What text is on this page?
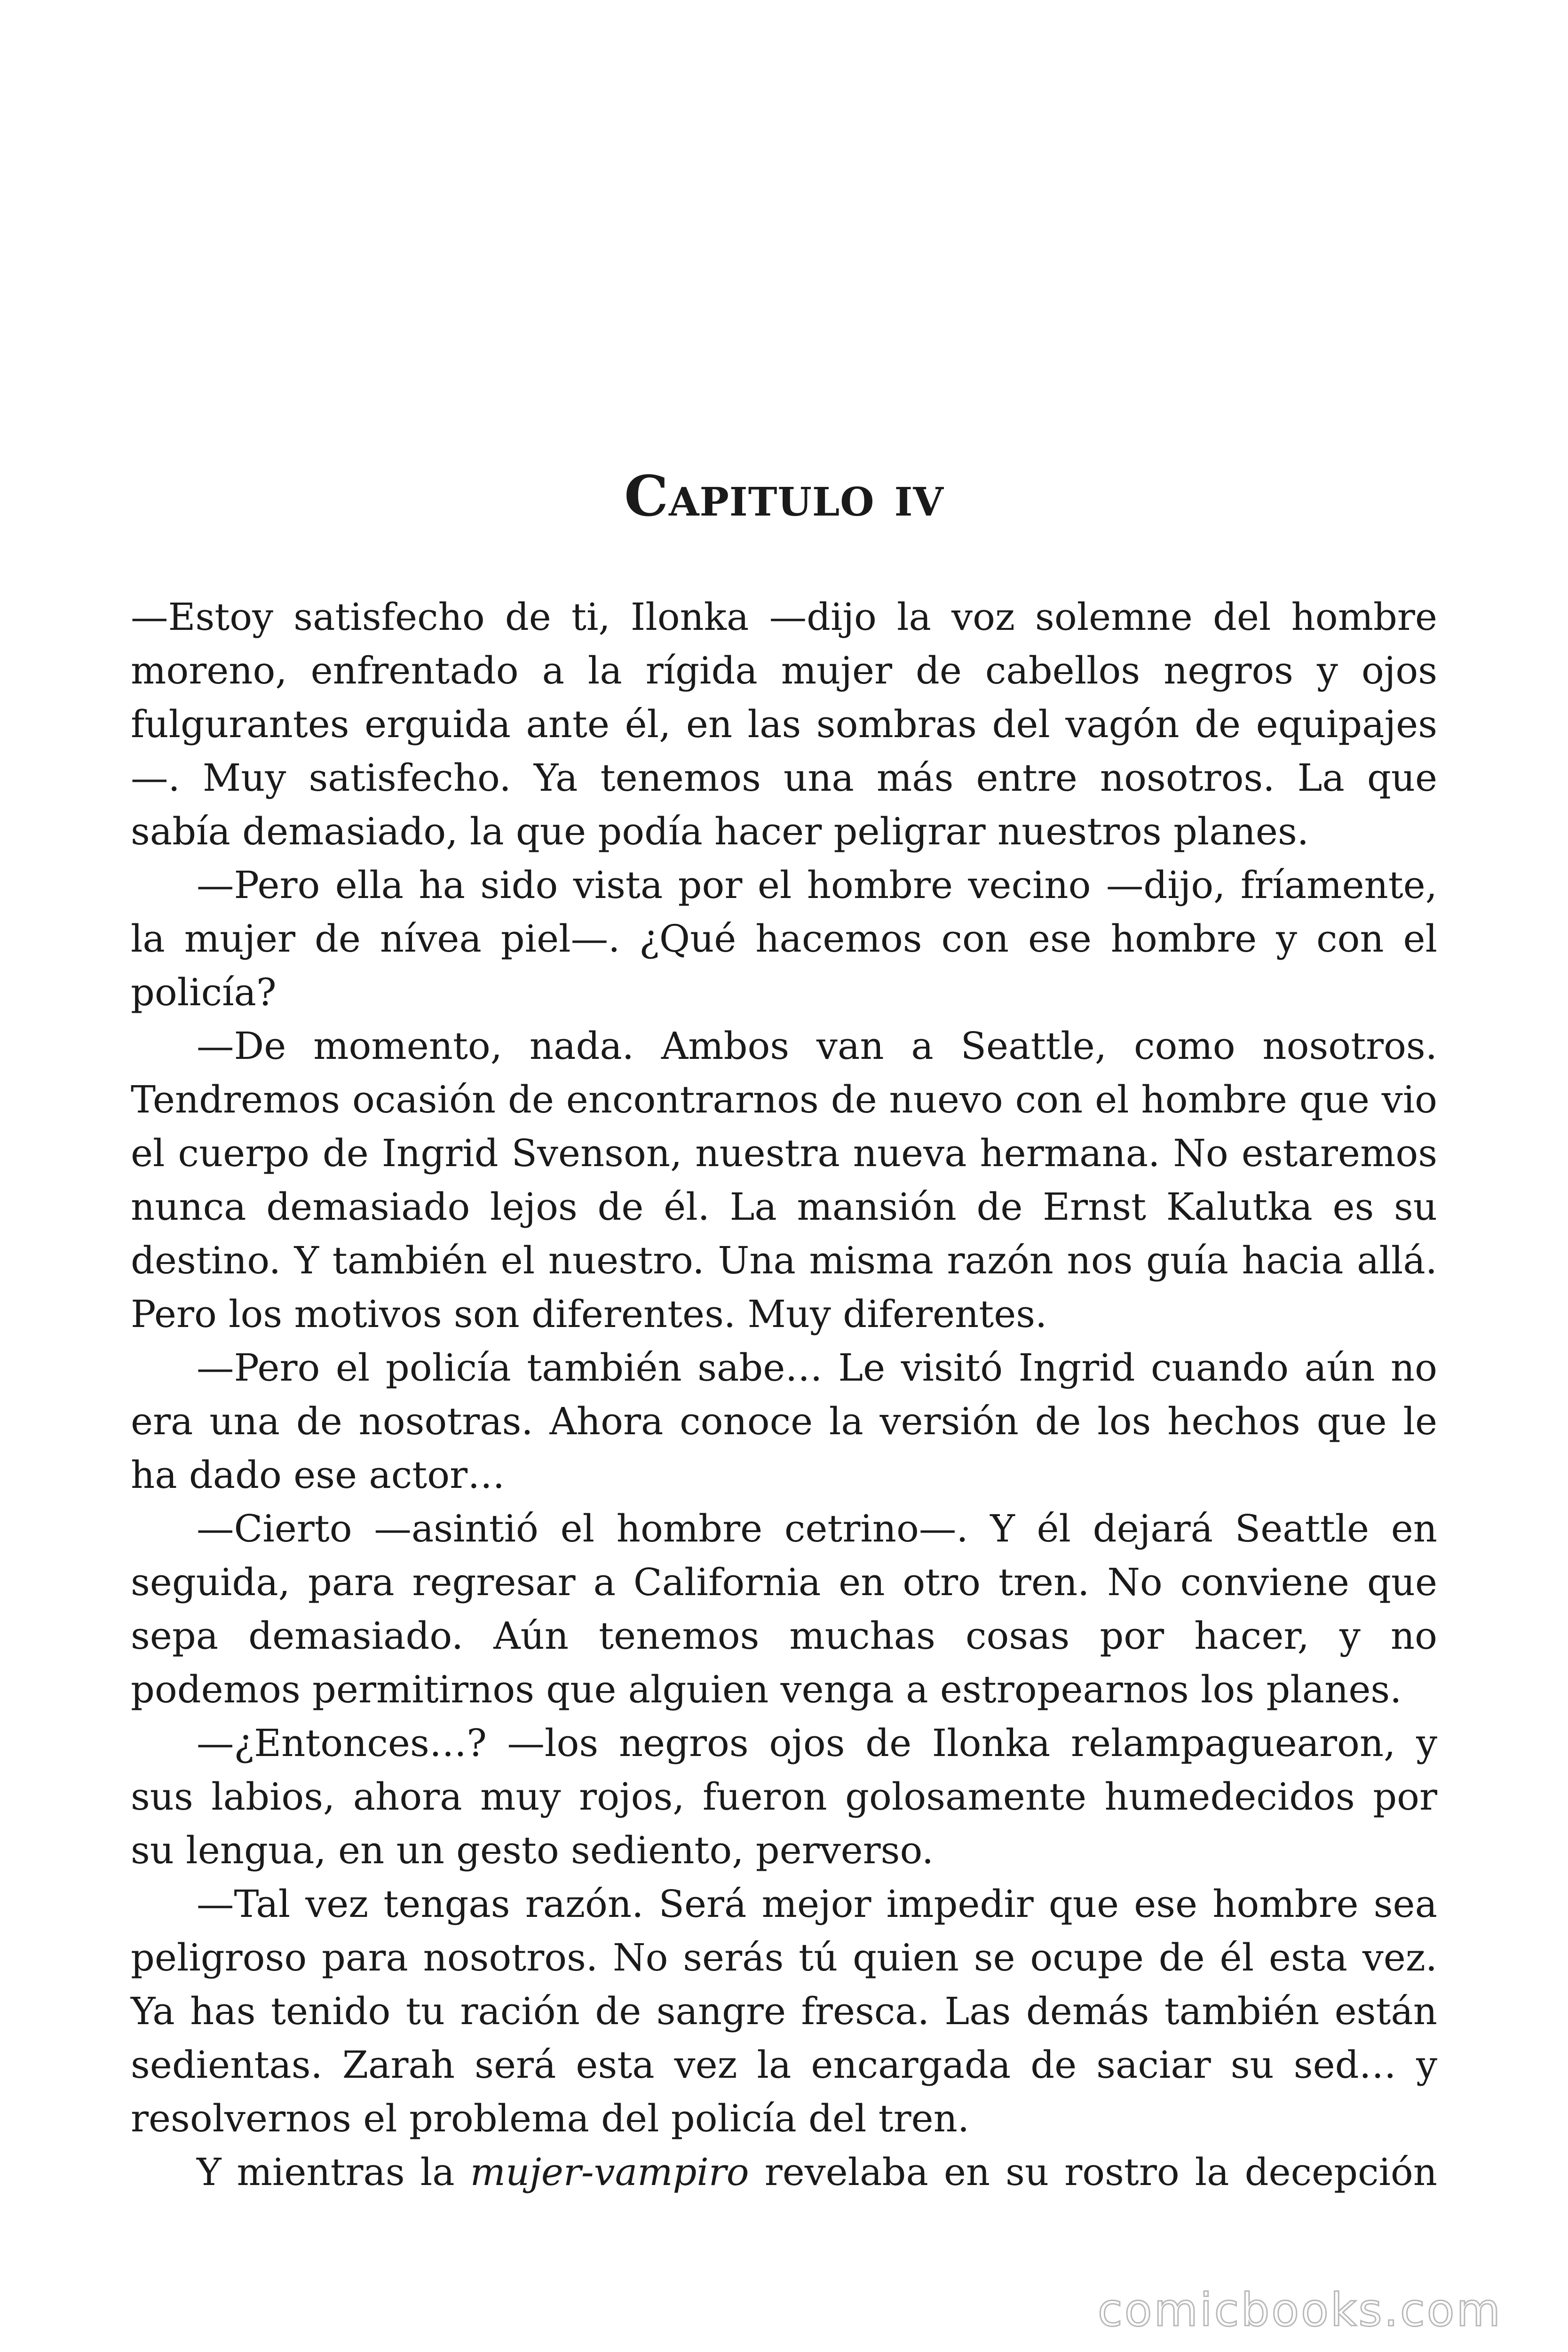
Capitulo iv

—Estoy satisfecho de ti, Ilonka —dijo la voz solemne del hombre moreno, enfrentado a la rígida mujer de cabellos negros y ojos fulgurantes erguida ante él, en las sombras del vagón de equipajes —. Muy satisfecho. Ya tenemos una más entre nosotros. La que sabía demasiado, la que podía hacer peligrar nuestros planes.

—Pero ella ha sido vista por el hombre vecino —dijo, fríamente, la mujer de nívea piel—. ¿Qué hacemos con ese hombre y con el policía?

—De momento, nada. Ambos van a Seattle, como nosotros. Tendremos ocasión de encontrarnos de nuevo con el hombre que vio el cuerpo de Ingrid Svenson, nuestra nueva hermana. No estaremos nunca demasiado lejos de él. La mansión de Ernst Kalutka es su destino. Y también el nuestro. Una misma razón nos guía hacia allá. Pero los motivos son diferentes. Muy diferentes.

—Pero el policía también sabe… Le visitó Ingrid cuando aún no era una de nosotras. Ahora conoce la versión de los hechos que le ha dado ese actor…

—Cierto —asintió el hombre cetrino—. Y él dejará Seattle en seguida, para regresar a California en otro tren. No conviene que sepa demasiado. Aún tenemos muchas cosas por hacer, y no podemos permitirnos que alguien venga a estropearnos los planes.

—¿Entonces…? —los negros ojos de Ilonka relampaguearon, y sus labios, ahora muy rojos, fueron golosamente humedecidos por su lengua, en un gesto sediento, perverso.

—Tal vez tengas razón. Será mejor impedir que ese hombre sea peligroso para nosotros. No serás tú quien se ocupe de él esta vez. Ya has tenido tu ración de sangre fresca. Las demás también están sedientas. Zarah será esta vez la encargada de saciar su sed… y resolvernos el problema del policía del tren.

Y mientras la mujer-vampiro revelaba en su rostro la decepción

comicbooks.com
